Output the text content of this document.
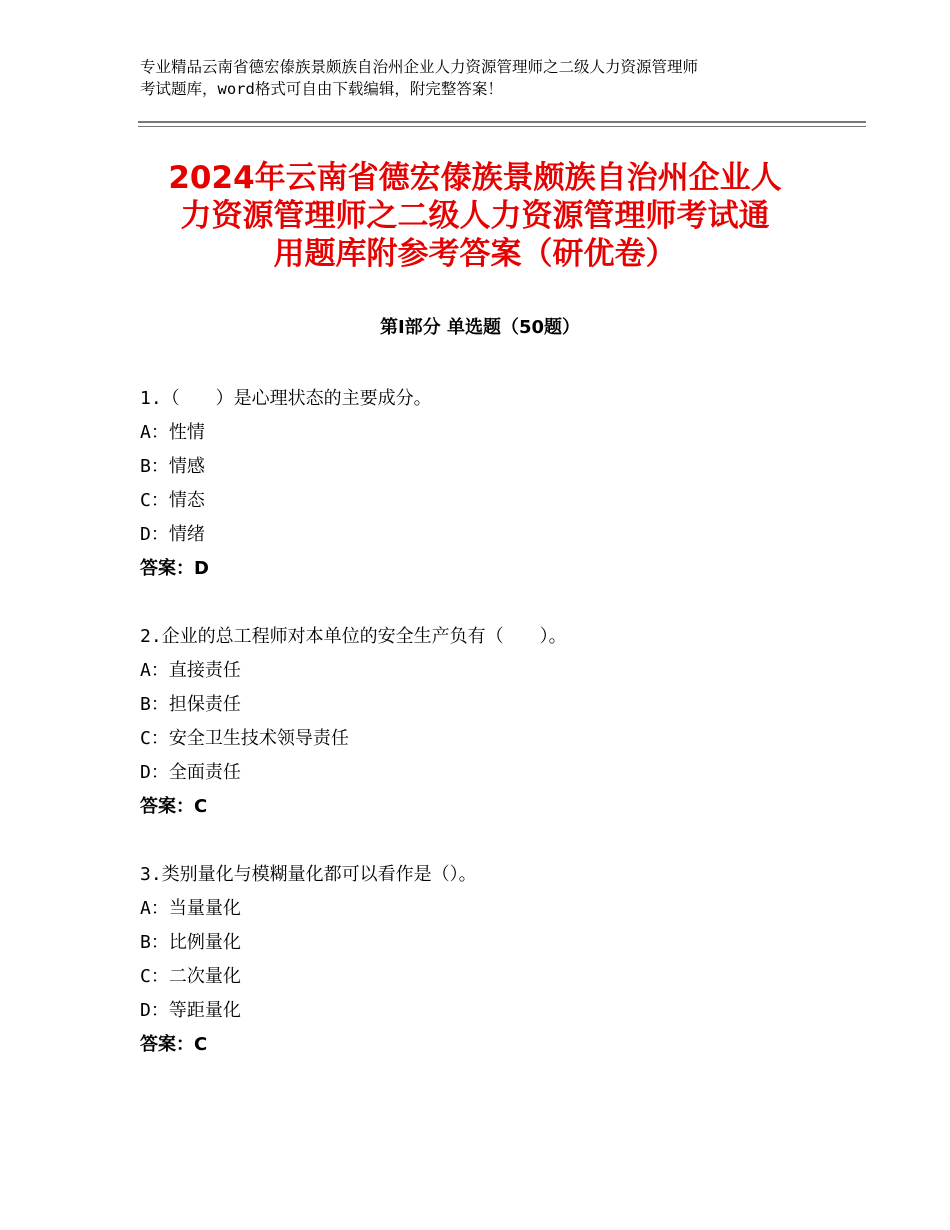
专业精品云南省德宏傣族景颇族自治州企业人力资源管理师之二级人力资源管理师
考试题库，word格式可自由下载编辑，附完整答案！
2024年云南省德宏傣族景颇族自治州企业人
力资源管理师之二级人力资源管理师考试通
用题库附参考答案（研优卷）
第Ⅰ部分 单选题（50题）
1.（　　）是心理状态的主要成分。
A：性情
B：情感
C：情态
D：情绪
答案：D
2.企业的总工程师对本单位的安全生产负有（　　）。
A：直接责任
B：担保责任
C：安全卫生技术领导责任
D：全面责任
答案：C
3.类别量化与模糊量化都可以看作是（）。
A：当量量化
B：比例量化
C：二次量化
D：等距量化
答案：C
